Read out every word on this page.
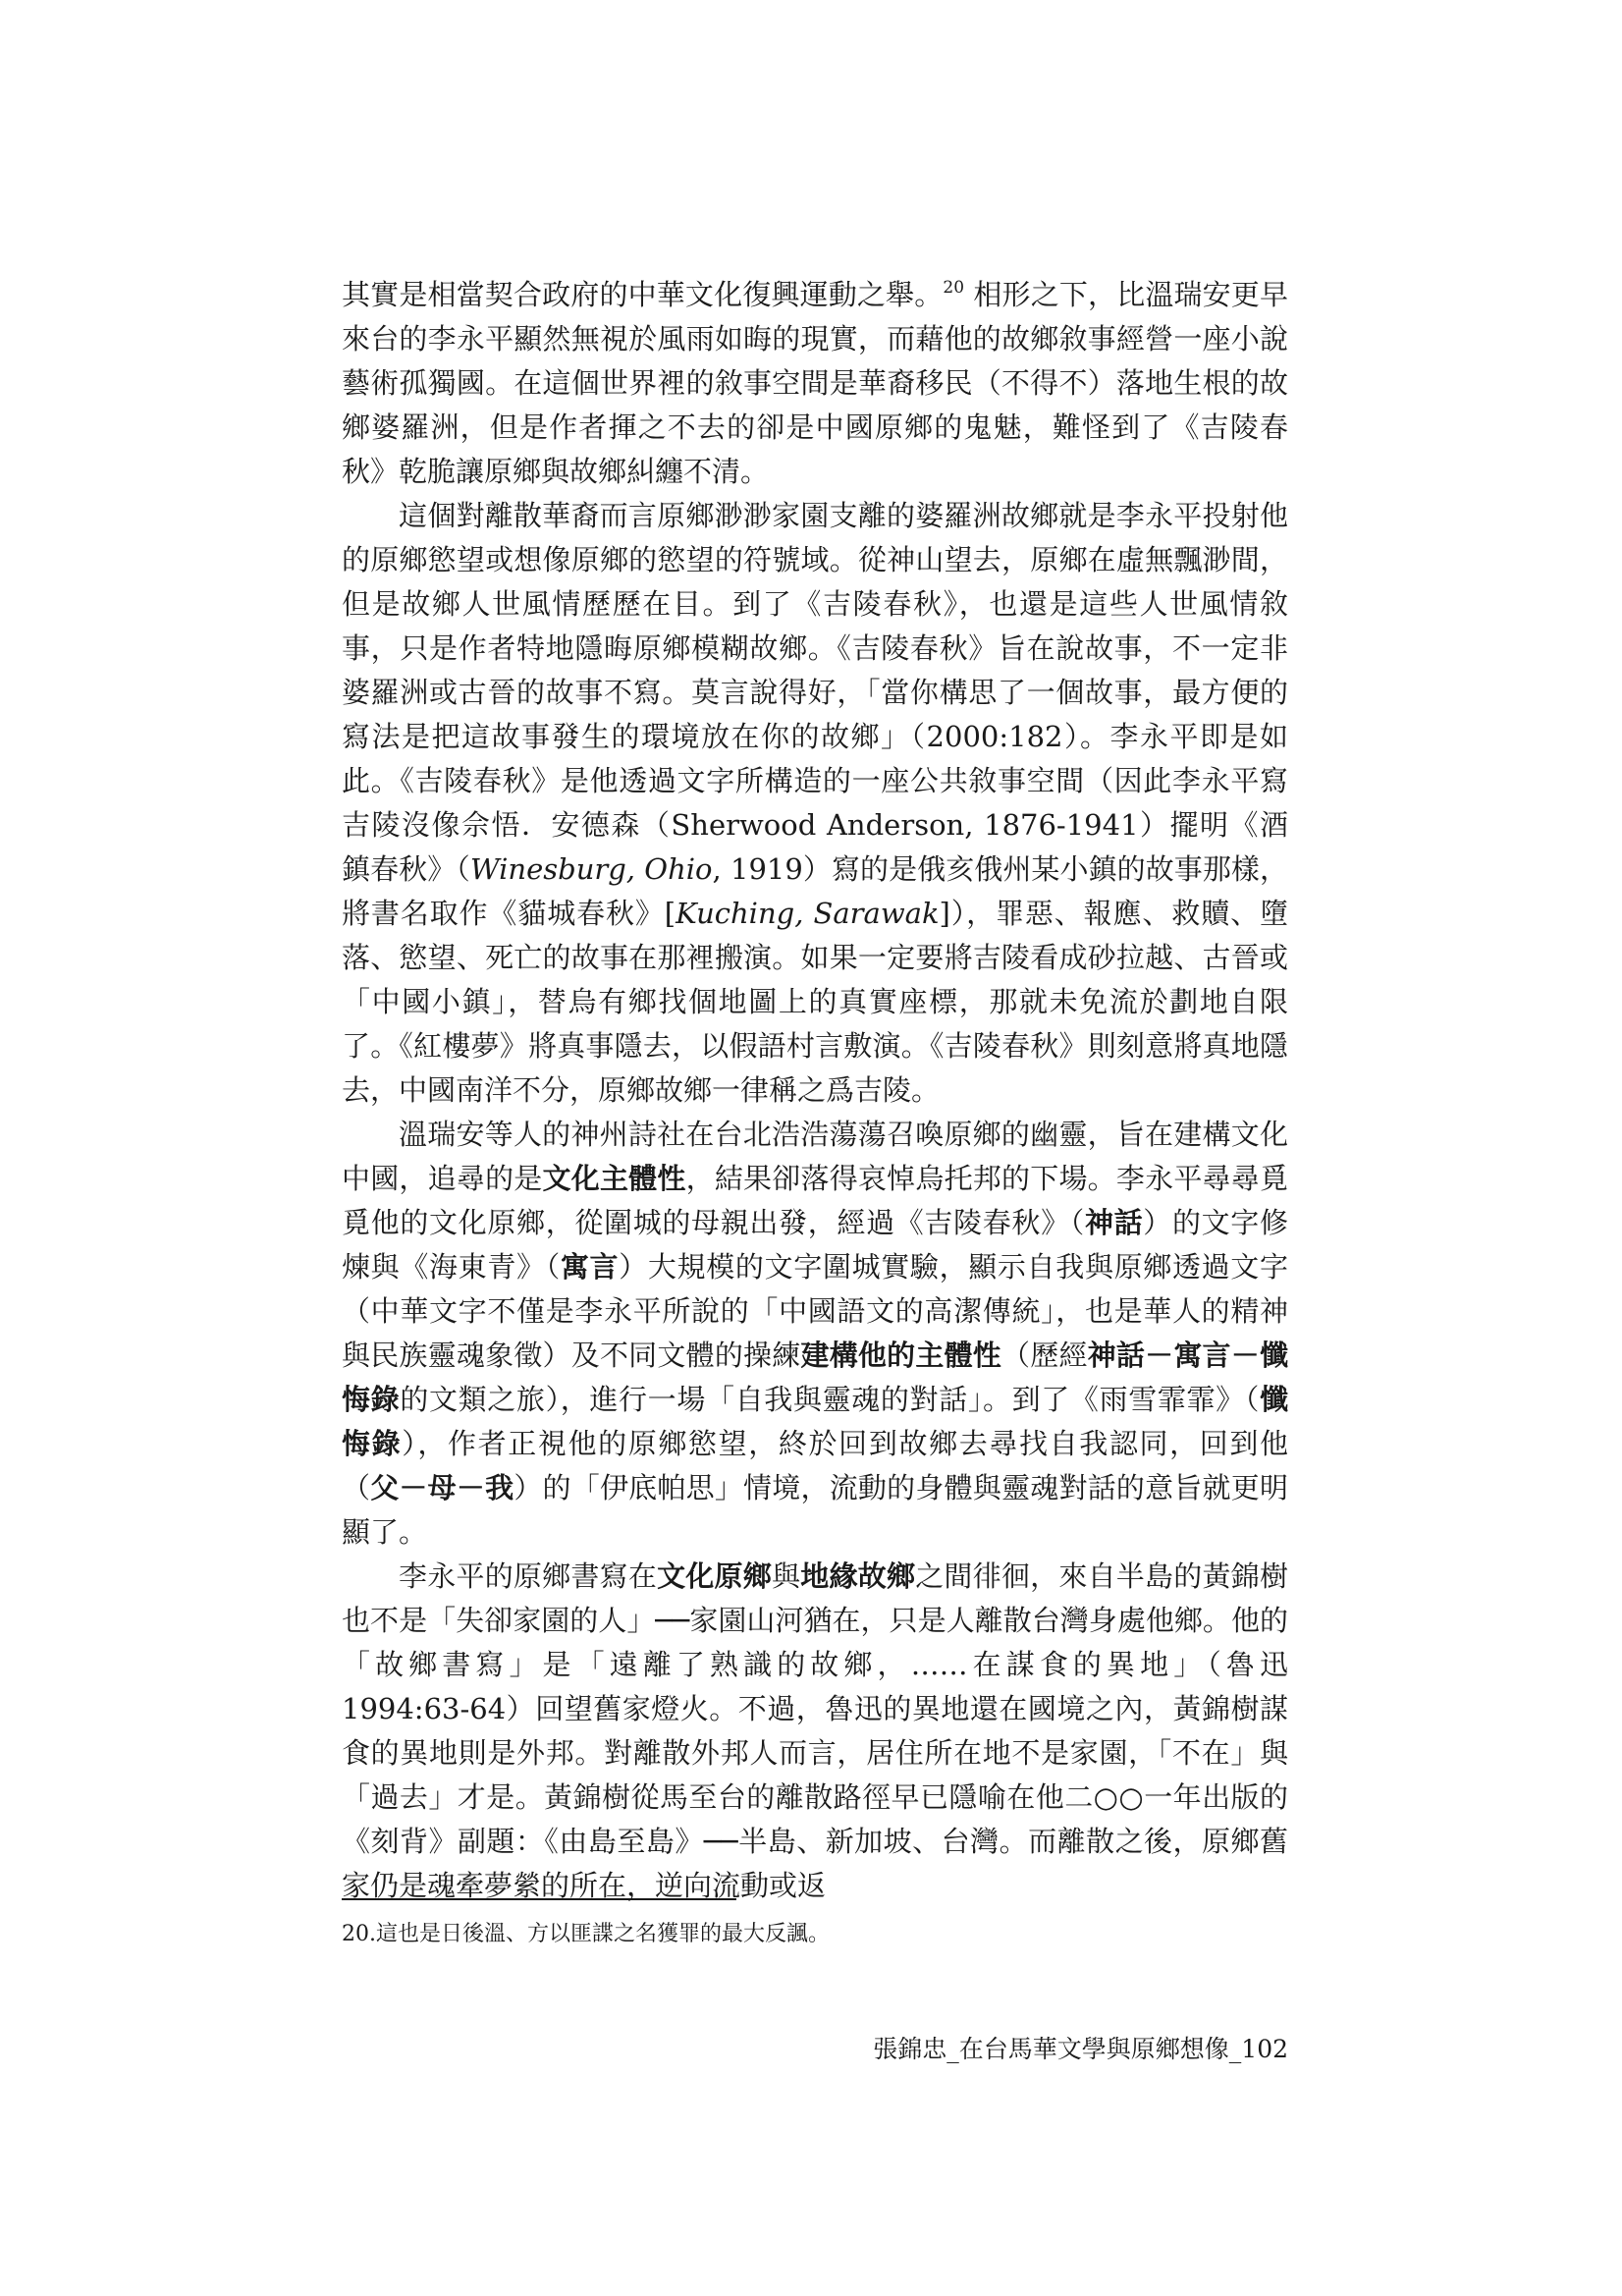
其實是相當契合政府的中華文化復興運動之舉。$^{20}$ 相形之下，比溫瑞安更早來台的李永平顯然無視於風雨如晦的現實，而藉他的故鄉敘事經營一座小說藝術孤獨國。在這個世界裡的敘事空間是華裔移民（不得不）落地生根的故鄉婆羅洲，但是作者揮之不去的卻是中國原鄉的鬼魅，難怪到了《吉陵春秋》乾脆讓原鄉與故鄉糾纏不清。

這個對離散華裔而言原鄉渺渺家園支離的婆羅洲故鄉就是李永平投射他的原鄉慾望或想像原鄉的慾望的符號域。從神山望去，原鄉在虛無飄渺間，但是故鄉人世風情歷歷在目。到了《吉陵春秋》，也還是這些人世風情敘事，只是作者特地隱晦原鄉模糊故鄉。《吉陵春秋》旨在說故事，不一定非婆羅洲或古晉的故事不寫。莫言說得好，「當你構思了一個故事，最方便的寫法是把這故事發生的環境放在你的故鄉」（2000:182）。李永平即是如此。《吉陵春秋》是他透過文字所構造的一座公共敘事空間（因此李永平寫吉陵沒像佘悟．安德森（Sherwood Anderson, 1876-1941）擺明《酒鎮春秋》（Winesburg, Ohio, 1919）寫的是俄亥俄州某小鎮的故事那樣，將書名取作《貓城春秋》[Kuching, Sarawak]），罪惡、報應、救贖、墮落、慾望、死亡的故事在那裡搬演。如果一定要將吉陵看成砂拉越、古晉或「中國小鎮」，替烏有鄉找個地圖上的真實座標，那就未免流於劃地自限了。《紅樓夢》將真事隱去，以假語村言敷演。《吉陵春秋》則刻意將真地隱去，中國南洋不分，原鄉故鄉一律稱之爲吉陵。

溫瑞安等人的神州詩社在台北浩浩蕩蕩召喚原鄉的幽靈，旨在建構文化中國，追尋的是文化主體性，結果卻落得哀悼烏托邦的下場。李永平尋尋覓覓他的文化原鄉，從圍城的母親出發，經過《吉陵春秋》（神話）的文字修煉與《海東青》（寓言）大規模的文字圍城實驗，顯示自我與原鄉透過文字（中華文字不僅是李永平所說的「中國語文的高潔傳統」，也是華人的精神與民族靈魂象徵）及不同文體的操練建構他的主體性（歷經神話－寓言－懺悔錄的文類之旅），進行一場「自我與靈魂的對話」。到了《雨雪霏霏》（懺悔錄），作者正視他的原鄉慾望，終於回到故鄉去尋找自我認同，回到他（父－母－我）的「伊底帕思」情境，流動的身體與靈魂對話的意旨就更明顯了。

李永平的原鄉書寫在文化原鄉與地緣故鄉之間徘徊，來自半島的黃錦樹也不是「失卻家園的人」──家園山河猶在，只是人離散台灣身處他鄉。他的「故鄉書寫」是「遠離了熟識的故鄉，……在謀食的異地」（魯迅 1994:63-64）回望舊家燈火。不過，魯迅的異地還在國境之內，黃錦樹謀食的異地則是外邦。對離散外邦人而言，居住所在地不是家園，「不在」與「過去」才是。黃錦樹從馬至台的離散路徑早已隱喻在他二○○一年出版的《刻背》副題：《由島至島》──半島、新加坡、台灣。而離散之後，原鄉舊家仍是魂牽夢縈的所在，逆向流動或返

20.這也是日後溫、方以匪諜之名獲罪的最大反諷。
張錦忠_在台馬華文學與原鄉想像_102
